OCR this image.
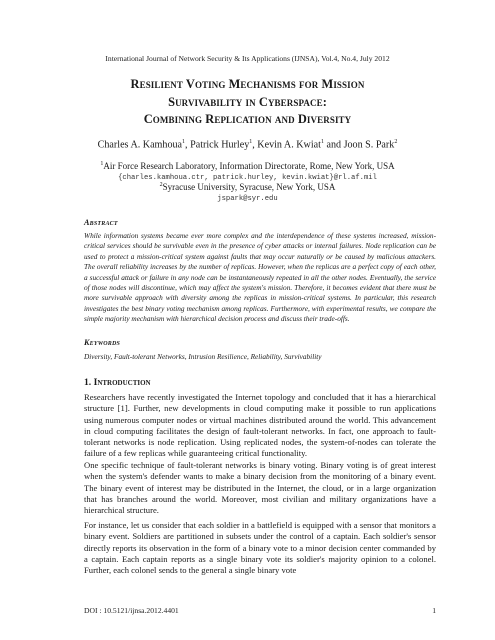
International Journal of Network Security & Its Applications (IJNSA), Vol.4, No.4, July 2012
Resilient Voting Mechanisms for Mission
Survivability in Cyberspace:
Combining Replication and Diversity
Charles A. Kamhoua$^1$, Patrick Hurley$^1$, Kevin A. Kwiat$^1$ and Joon S. Park$^2$
$^1$Air Force Research Laboratory, Information Directorate, Rome, New York, USA
{charles.kamhoua.ctr, patrick.hurley, kevin.kwiat}@rl.af.mil
$^2$Syracuse University, Syracuse, New York, USA
jspark@syr.edu
Abstract
While information systems became ever more complex and the interdependence of these systems increased, mission-critical services should be survivable even in the presence of cyber attacks or internal failures. Node replication can be used to protect a mission-critical system against faults that may occur naturally or be caused by malicious attackers. The overall reliability increases by the number of replicas. However, when the replicas are a perfect copy of each other, a successful attack or failure in any node can be instantaneously repeated in all the other nodes. Eventually, the service of those nodes will discontinue, which may affect the system's mission. Therefore, it becomes evident that there must be more survivable approach with diversity among the replicas in mission-critical systems. In particular, this research investigates the best binary voting mechanism among replicas. Furthermore, with experimental results, we compare the simple majority mechanism with hierarchical decision process and discuss their trade-offs.
Keywords
Diversity, Fault-tolerant Networks, Intrusion Resilience, Reliability, Survivability
1. Introduction
Researchers have recently investigated the Internet topology and concluded that it has a hierarchical structure [1]. Further, new developments in cloud computing make it possible to run applications using numerous computer nodes or virtual machines distributed around the world. This advancement in cloud computing facilitates the design of fault-tolerant networks. In fact, one approach to fault-tolerant networks is node replication. Using replicated nodes, the system-of-nodes can tolerate the failure of a few replicas while guaranteeing critical functionality.
One specific technique of fault-tolerant networks is binary voting. Binary voting is of great interest when the system's defender wants to make a binary decision from the monitoring of a binary event. The binary event of interest may be distributed in the Internet, the cloud, or in a large organization that has branches around the world. Moreover, most civilian and military organizations have a hierarchical structure.
For instance, let us consider that each soldier in a battlefield is equipped with a sensor that monitors a binary event. Soldiers are partitioned in subsets under the control of a captain. Each soldier's sensor directly reports its observation in the form of a binary vote to a minor decision center commanded by a captain. Each captain reports as a single binary vote its soldier's majority opinion to a colonel. Further, each colonel sends to the general a single binary vote
DOI : 10.5121/ijnsa.2012.4401	1
